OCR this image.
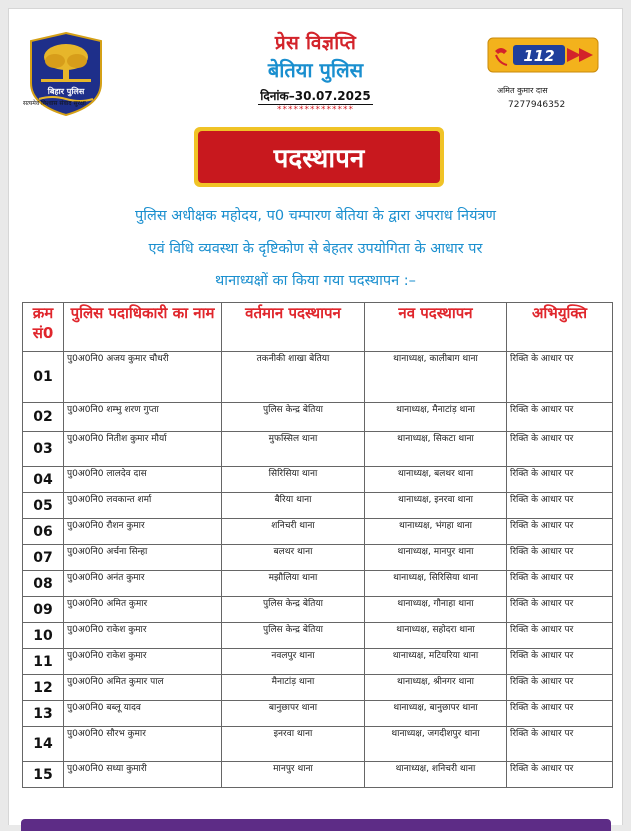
बिहार पुलिस
सत्यमेव विश्वास संवाद सुरक्षा
प्रेस विज्ञप्ति
बेतिया पुलिस
दिनांक–30.07.2025
**************
112
अमित कुमार दास
7277946352
पदस्थापन
पुलिस अधीक्षक महोदय, प0 चम्पारण बेतिया के द्वारा अपराध नियंत्रण
एवं विधि व्यवस्था के दृष्टिकोण से बेहतर उपयोगिता के आधार पर
थानाध्यक्षों का किया गया पदस्थापन :–
क्रम सं0	पुलिस पदाधिकारी का नाम	वर्तमान पदस्थापन	नव पदस्थापन	अभियुक्ति
01	पु0अ0नि0 अजय कुमार चौधरी	तकनीकी शाखा बेतिया	थानाध्यक्ष, कालीबाग थाना	रिक्ति के आधार पर
02	पु0अ0नि0 शम्भु शरण गुप्ता	पुलिस केन्द्र बेतिया	थानाध्यक्ष, मैनाटांड़ थाना	रिक्ति के आधार पर
03	पु0अ0नि0 नितीश कुमार मौर्या	मुफस्सिल थाना	थानाध्यक्ष, सिकटा थाना	रिक्ति के आधार पर
04	पु0अ0नि0 लालदेव दास	सिरिसिया थाना	थानाध्यक्ष, बलथर थाना	रिक्ति के आधार पर
05	पु0अ0नि0 लवकान्त शर्मा	बैरिया थाना	थानाध्यक्ष, इनरवा थाना	रिक्ति के आधार पर
06	पु0अ0नि0 रौशन कुमार	शनिचरी थाना	थानाध्यक्ष, भंगहा थाना	रिक्ति के आधार पर
07	पु0अ0नि0 अर्चना सिन्हा	बलथर थाना	थानाध्यक्ष, मानपुर थाना	रिक्ति के आधार पर
08	पु0अ0नि0 अनंत कुमार	मझौलिया थाना	थानाध्यक्ष, सिरिसिया थाना	रिक्ति के आधार पर
09	पु0अ0नि0 अमित कुमार	पुलिस केन्द्र बेतिया	थानाध्यक्ष, गौनाहा थाना	रिक्ति के आधार पर
10	पु0अ0नि0 राकेश कुमार	पुलिस केन्द्र बेतिया	थानाध्यक्ष, सहोदरा थाना	रिक्ति के आधार पर
11	पु0अ0नि0 राकेश कुमार	नवलपुर थाना	थानाध्यक्ष, मटियरिया थाना	रिक्ति के आधार पर
12	पु0अ0नि0 अमित कुमार पाल	मैनाटांड़ थाना	थानाध्यक्ष, श्रीनगर थाना	रिक्ति के आधार पर
13	पु0अ0नि0 बब्लू यादव	बानुछापर थाना	थानाध्यक्ष, बानुछापर थाना	रिक्ति के आधार पर
14	पु0अ0नि0 सौरभ कुमार	इनरवा थाना	थानाध्यक्ष, जगदीशपुर थाना	रिक्ति के आधार पर
15	पु0अ0नि0 सध्या कुमारी	मानपुर थाना	थानाध्यक्ष, शनिचरी थाना	रिक्ति के आधार पर
